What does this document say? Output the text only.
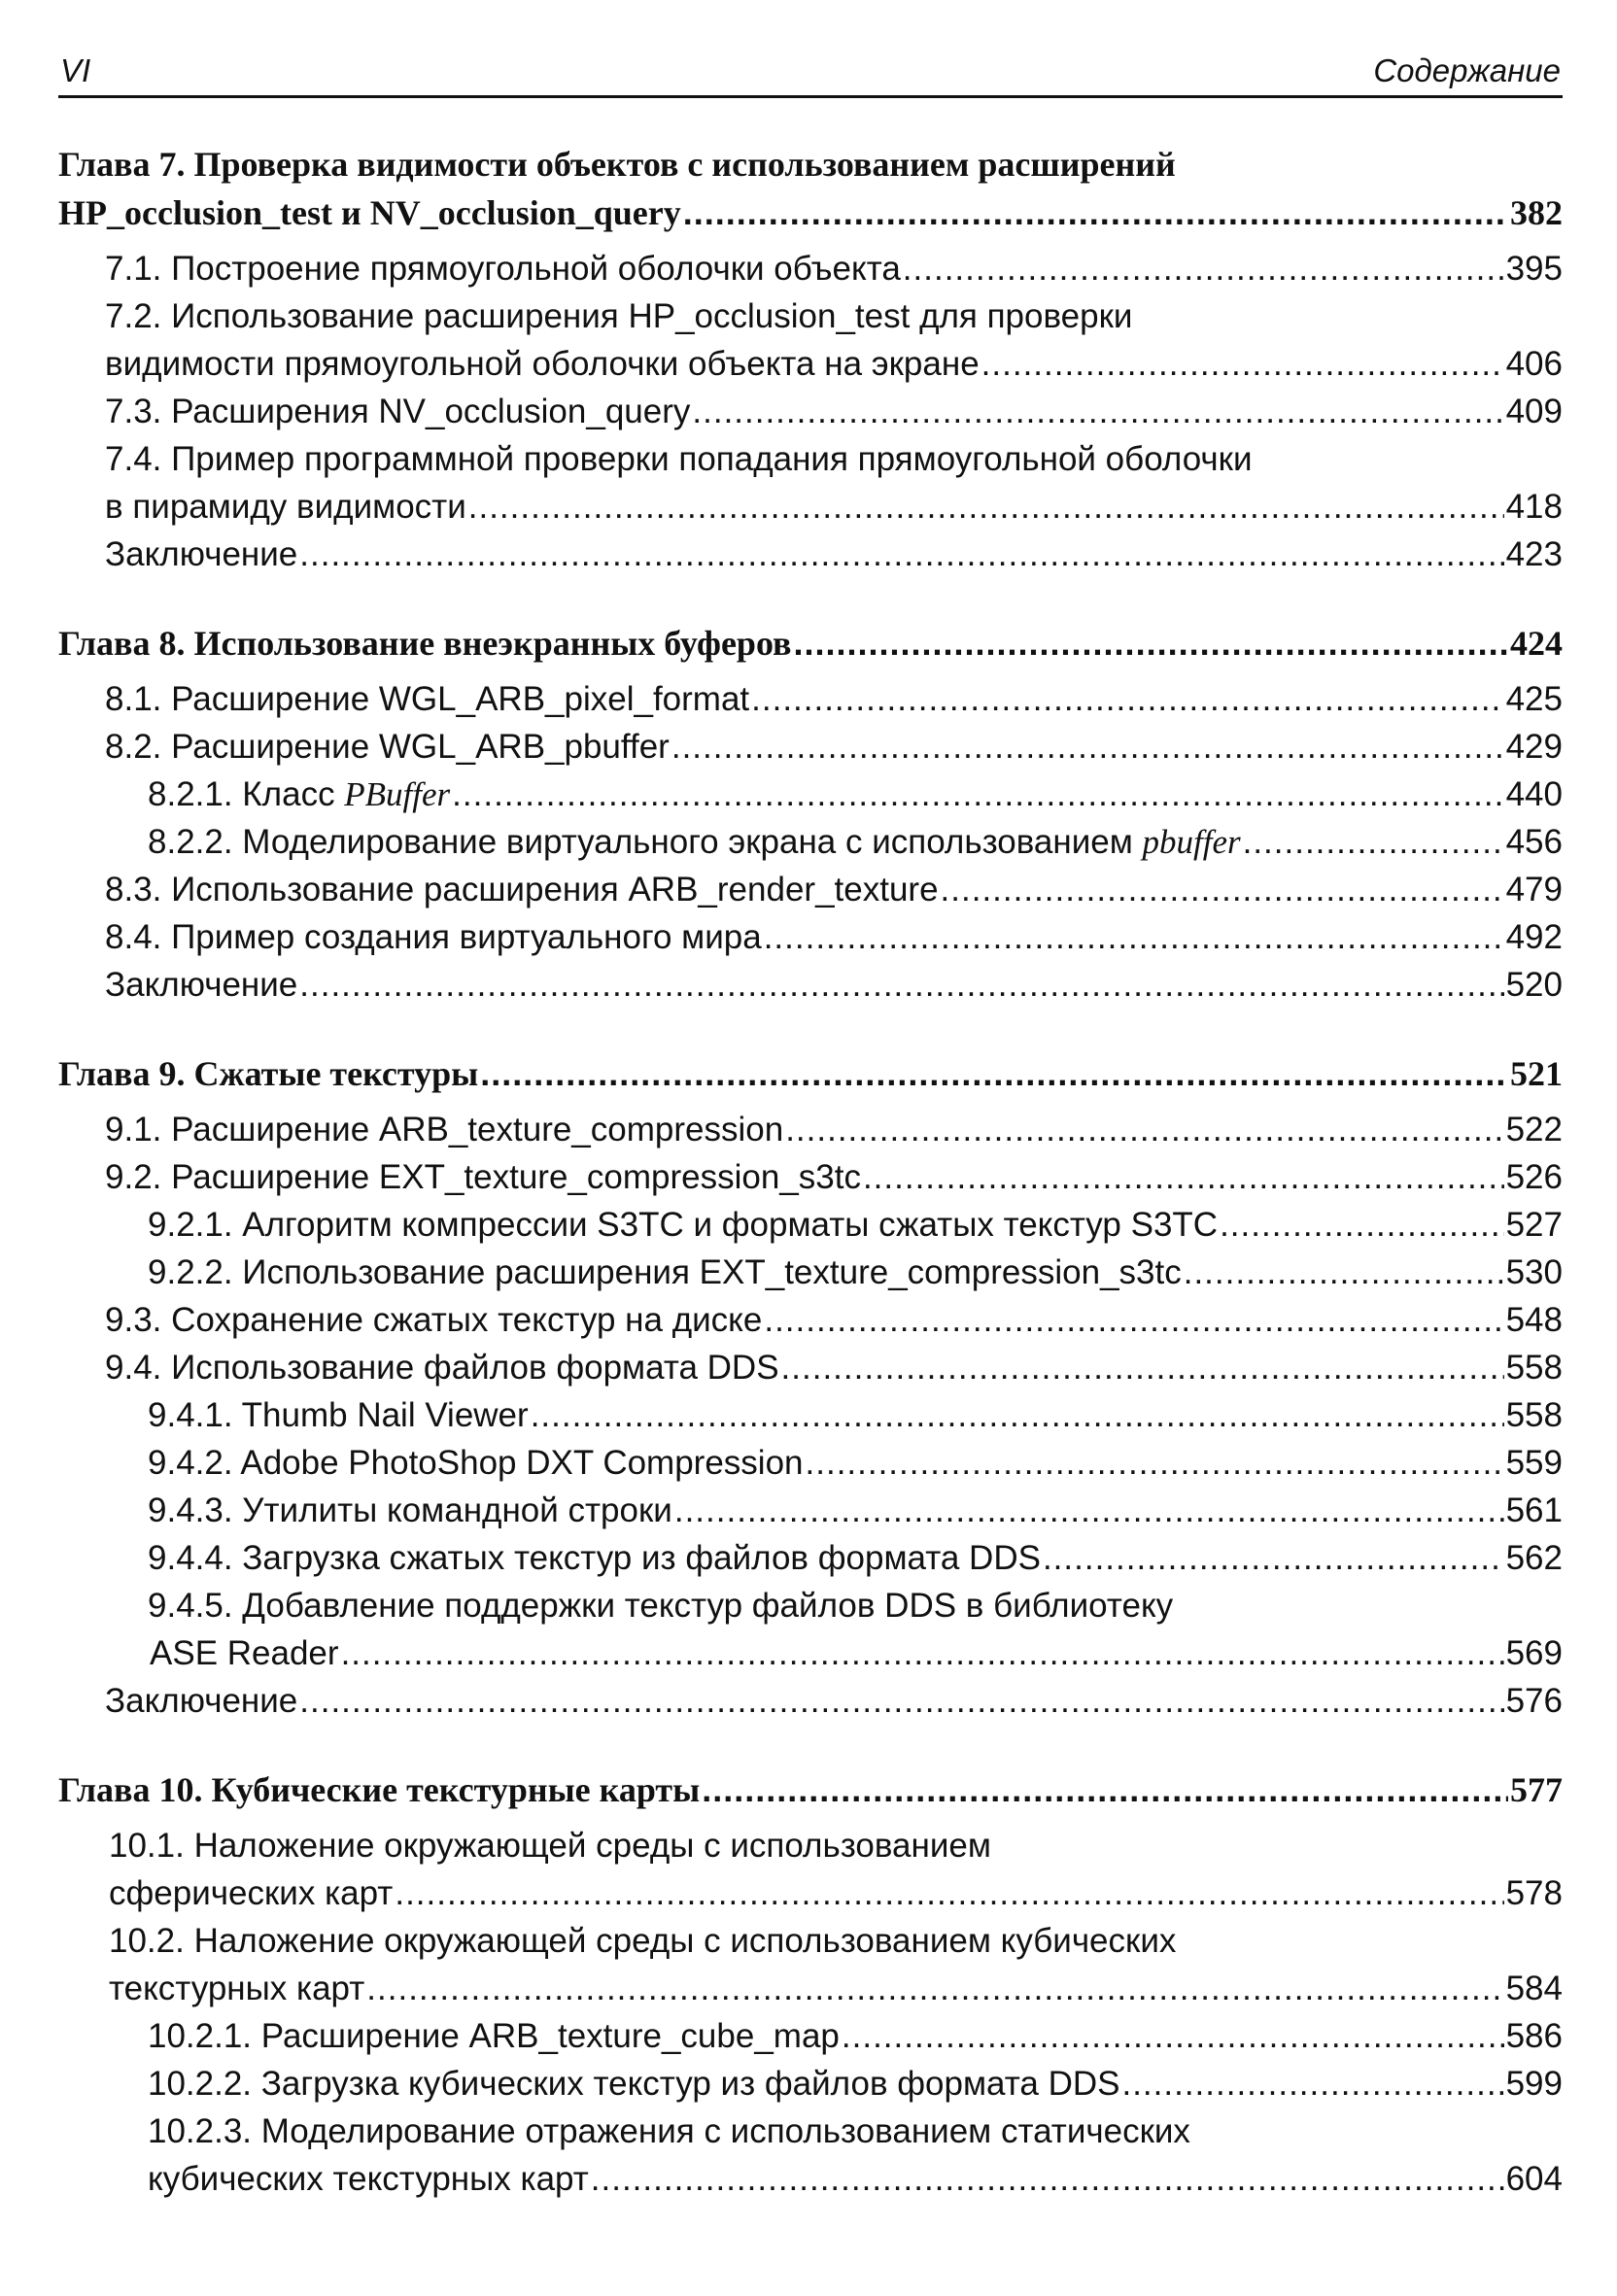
VI	Содержание
Глава 7. Проверка видимости объектов с использованием расширений
HP_occlusion_test и NV_occlusion_query .....	382
7.1. Построение прямоугольной оболочки объекта .....	395
7.2. Использование расширения HP_occlusion_test для проверки
видимости прямоугольной оболочки объекта на экране .....	406
7.3. Расширения NV_occlusion_query .....	409
7.4. Пример программной проверки попадания прямоугольной оболочки
в пирамиду видимости .....	418
Заключение .....	423
Глава 8. Использование внеэкранных буферов .....	424
8.1. Расширение WGL_ARB_pixel_format .....	425
8.2. Расширение WGL_ARB_pbuffer .....	429
8.2.1. Класс PBuffer .....	440
8.2.2. Моделирование виртуального экрана с использованием pbuffer .....	456
8.3. Использование расширения ARB_render_texture .....	479
8.4. Пример создания виртуального мира .....	492
Заключение .....	520
Глава 9. Сжатые текстуры .....	521
9.1. Расширение ARB_texture_compression .....	522
9.2. Расширение EXT_texture_compression_s3tc .....	526
9.2.1. Алгоритм компрессии S3TC и форматы сжатых текстур S3TC .....	527
9.2.2. Использование расширения EXT_texture_compression_s3tc .....	530
9.3. Сохранение сжатых текстур на диске .....	548
9.4. Использование файлов формата DDS .....	558
9.4.1. Thumb Nail Viewer .....	558
9.4.2. Adobe PhotoShop DXT Compression .....	559
9.4.3. Утилиты командной строки .....	561
9.4.4. Загрузка сжатых текстур из файлов формата DDS .....	562
9.4.5. Добавление поддержки текстур файлов DDS в библиотеку
ASE Reader .....	569
Заключение .....	576
Глава 10. Кубические текстурные карты .....	577
10.1. Наложение окружающей среды с использованием
сферических карт .....	578
10.2. Наложение окружающей среды с использованием кубических
текстурных карт .....	584
10.2.1. Расширение ARB_texture_cube_map .....	586
10.2.2. Загрузка кубических текстур из файлов формата DDS .....	599
10.2.3. Моделирование отражения с использованием статических
кубических текстурных карт .....	604
